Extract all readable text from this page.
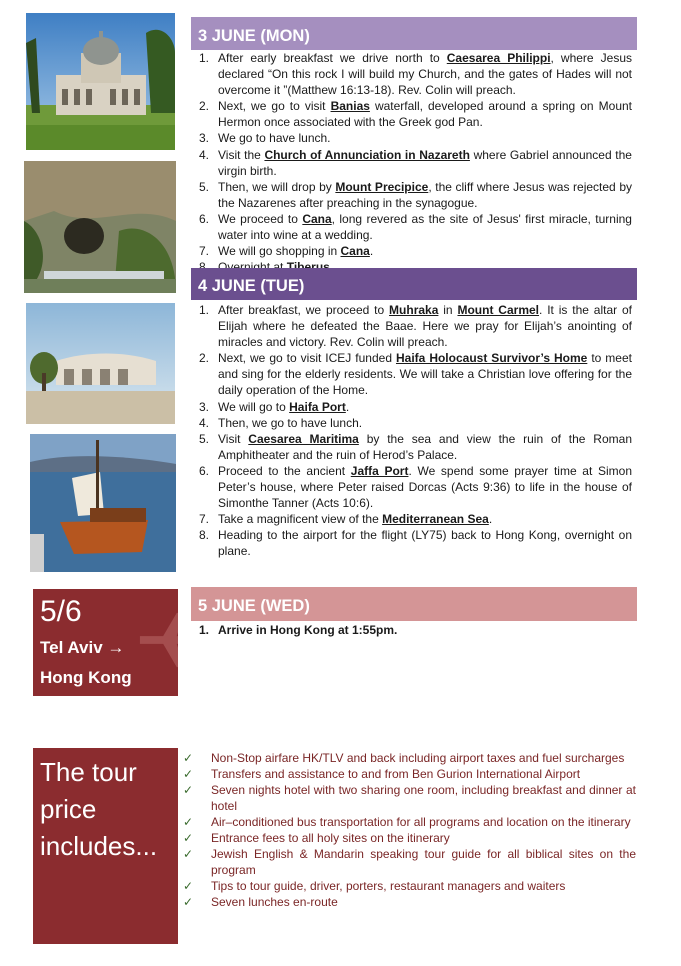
3 JUNE (MON)
1. After early breakfast we drive north to Caesarea Philippi, where Jesus declared “On this rock I will build my Church, and the gates of Hades will not overcome it ”(Matthew 16:13-18). Rev. Colin will preach.
2. Next, we go to visit Banias waterfall, developed around a spring on Mount Hermon once associated with the Greek god Pan.
3. We go to have lunch.
4. Visit the Church of Annunciation in Nazareth where Gabriel announced the virgin birth.
5. Then, we will drop by Mount Precipice, the cliff where Jesus was rejected by the Nazarenes after preaching in the synagogue.
6. We proceed to Cana, long revered as the site of Jesus' first miracle, turning water into wine at a wedding.
7. We will go shopping in Cana.
4 JUNE (TUE)
1. After breakfast, we proceed to Muhraka in Mount Carmel. It is the altar of Elijah where he defeated the Baae. Here we pray for Elijah’s anointing of miracles and victory. Rev. Colin will preach.
2. Next, we go to visit ICEJ funded Haifa Holocaust Survivor’s Home to meet and sing for the elderly residents. We will take a Christian love offering for the daily operation of the Home.
3. We will go to Haifa Port.
4. Then, we go to have lunch.
5. Visit Caesarea Maritima by the sea and view the ruin of the Roman Amphitheater and the ruin of Herod’s Palace.
6. Proceed to the ancient Jaffa Port. We spend some prayer time at Simon Peter’s house, where Peter raised Dorcas (Acts 9:36) to life in the house of Simonthe Tanner (Acts 10:6).
7. Take a magnificent view of the Mediterranean Sea.
8. Heading to the airport for the flight (LY75) back to Hong Kong, overnight on plane.
5/6
Tel Aviv →
Hong Kong
5 JUNE (WED)
1. Arrive in Hong Kong at 1:55pm.
The tour price includes...
✓ Non-Stop airfare HK/TLV and back including airport taxes and fuel surcharges
✓ Transfers and assistance to and from Ben Gurion International Airport
✓ Seven nights hotel with two sharing one room, including breakfast and dinner at hotel
✓ Air–conditioned bus transportation for all programs and location on the itinerary
✓ Entrance fees to all holy sites on the itinerary
✓ Jewish English & Mandarin speaking tour guide for all biblical sites on the program
✓ Tips to tour guide, driver, porters, restaurant managers and waiters
✓ Seven lunches en-route
